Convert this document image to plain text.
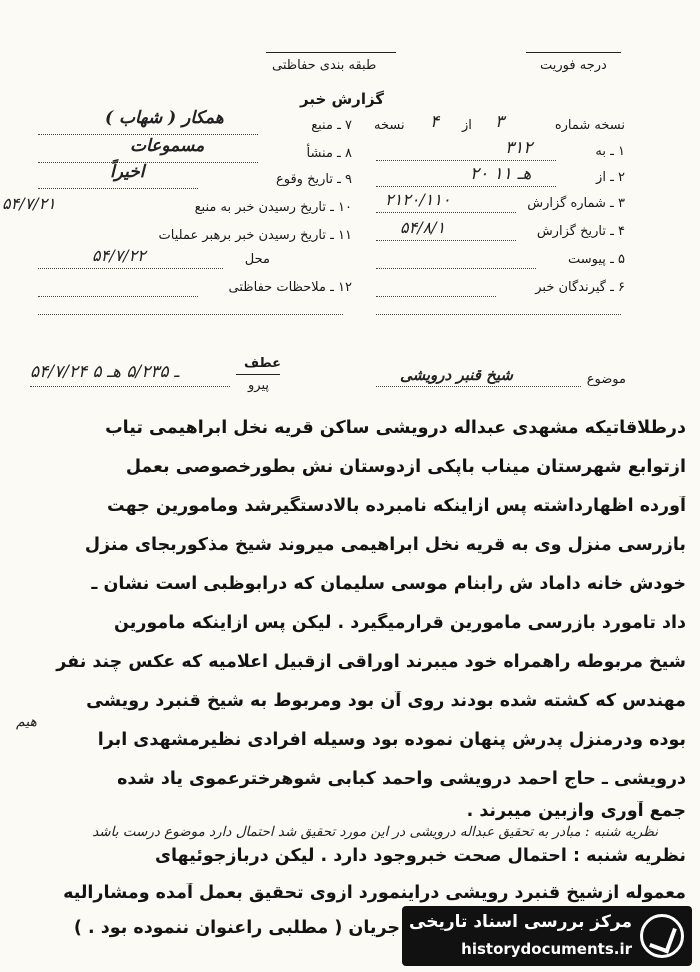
درجه فوریت
طبقه بندی حفاظتی
گزارش خبر
نسخه شماره
۳
از
۴
نسخه
۱ ـ به
۳۱۲
۲ ـ از
۲۰ هـ ۱۱
۳ ـ شماره گزارش
۲۱۲۰/۱۱۰
۴ ـ تاریخ گزارش
۵۴/۸/۱
۵ ـ پیوست
۶ ـ گیرندگان خبر
۷ ـ منبع
همکار ( شهاب )
۸ ـ منشأ
مسموعات
۹ ـ تاریخ وقوع
اخیراً
۱۰ ـ تاریخ رسیدن خبر به منبع
۵۴/۷/۲۱
۱۱ ـ تاریخ رسیدن خبر برهبر عملیات
محل
۵۴/۷/۲۲
۱۲ ـ ملاحظات حفاظتی
عطف
پیرو
۵۴/۷/۲۴ ـ ۵/۲۳۵ هـ ۵	موضوع
شیخ قنبر درویشی
درطلاقاتیکه مشهدی عبداله درویشی ساکن قریه نخل ابراهیمی تیاب
ازتوابع شهرستان میناب باپکی ازدوستان نش بطورخصوصی بعمل
آورده اظهارداشته پس ازاینکه نامبرده بالادستگیرشد ومامورین جهت
بازرسی منزل وی به قریه نخل ابراهیمی میروند شیخ مذکوربجای منزل
خودش خانه داماد ش رابنام موسی سلیمان که درابوظبی است نشان ـ
داد تامورد بازرسی مامورین قرارمیگیرد . لیکن پس ازاینکه مامورین
شیخ مربوطه راهمراه خود میبرند اوراقی ازقبیل اعلامیه که عکس چند نفر
مهندس که کشته شده بودند روی آن بود ومربوط به شیخ قنبرد رویشی
هیم
بوده ودرمنزل پدرش پنهان نموده بود وسیله افرادی نظیرمشهدی ابرا
درویشی ـ حاج احمد درویشی واحمد کبابی شوهرخترعموی یاد شده
جمع آوری وازبین میبرند .
نظریه شنبه : مبادر به تحقیق عبداله درویشی در این مورد تحقیق شد احتمال دارد موضوع درست باشد
نظریه شنبه : احتمال صحت خبروجود دارد . لیکن دربازجوئیهای
معموله ازشیخ قنبرد رویشی دراینمورد ازوی تحقیق بعمل آمده ومشارالیه
جریان ( مطلبی راعنوان ننموده بود . ) مرکز بررسی اسناد تاریخی
historydocuments.ir
